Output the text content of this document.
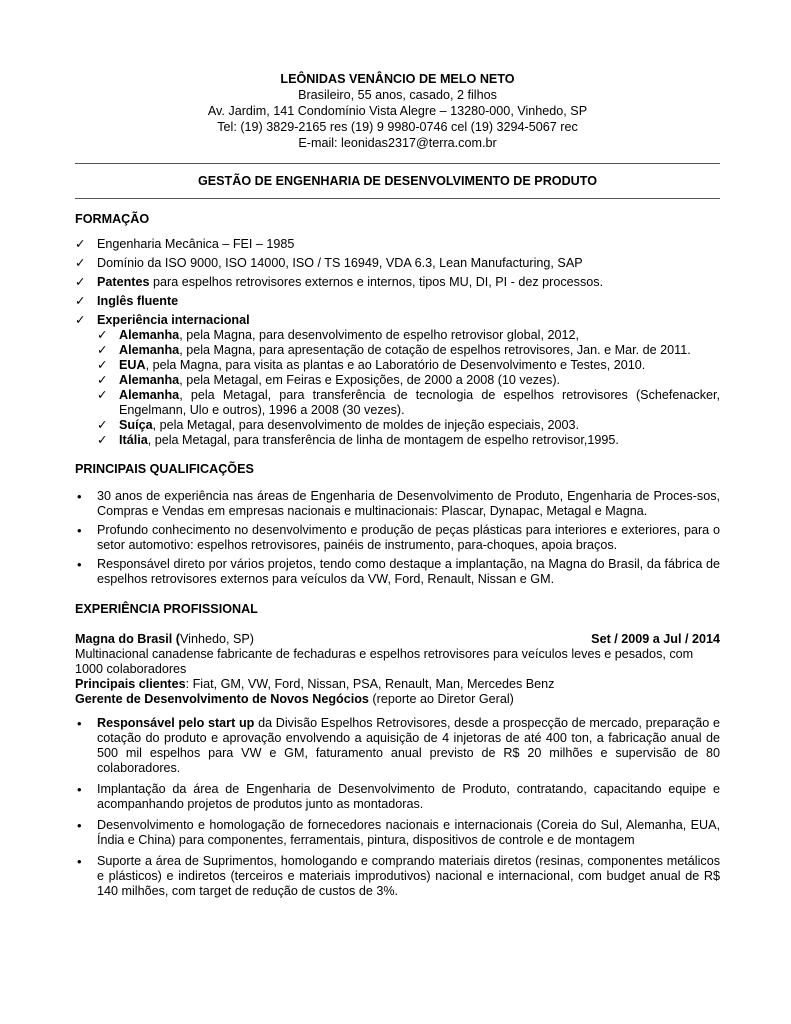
LEÔNIDAS VENÂNCIO DE MELO NETO
Brasileiro, 55 anos, casado, 2 filhos
Av. Jardim, 141 Condomínio Vista Alegre – 13280-000, Vinhedo, SP
Tel: (19) 3829-2165 res (19) 9 9980-0746 cel (19) 3294-5067 rec
E-mail: leonidas2317@terra.com.br
GESTÃO DE ENGENHARIA DE DESENVOLVIMENTO DE PRODUTO
FORMAÇÃO
✓ Engenharia Mecânica – FEI – 1985
✓ Domínio da ISO 9000, ISO 14000, ISO / TS 16949, VDA 6.3, Lean Manufacturing, SAP
✓ Patentes para espelhos retrovisores externos e internos, tipos MU, DI, PI - dez processos.
✓ Inglês fluente
✓ Experiência internacional
✓ Alemanha, pela Magna, para desenvolvimento de espelho retrovisor global, 2012,
✓ Alemanha, pela Magna, para apresentação de cotação de espelhos retrovisores, Jan. e Mar. de 2011.
✓ EUA, pela Magna, para visita as plantas e ao Laboratório de Desenvolvimento e Testes, 2010.
✓ Alemanha, pela Metagal, em Feiras e Exposições, de 2000 a 2008 (10 vezes).
✓ Alemanha, pela Metagal, para transferência de tecnologia de espelhos retrovisores (Schefenacker, Engelmann, Ulo e outros), 1996 a 2008 (30 vezes).
✓ Suíça, pela Metagal, para desenvolvimento de moldes de injeção especiais, 2003.
✓ Itália, pela Metagal, para transferência de linha de montagem de espelho retrovisor,1995.
PRINCIPAIS QUALIFICAÇÕES
• 30 anos de experiência nas áreas de Engenharia de Desenvolvimento de Produto, Engenharia de Proces-sos, Compras e Vendas em empresas nacionais e multinacionais: Plascar, Dynapac, Metagal e Magna.
• Profundo conhecimento no desenvolvimento e produção de peças plásticas para interiores e exteriores, para o setor automotivo: espelhos retrovisores, painéis de instrumento, para-choques, apoia braços.
• Responsável direto por vários projetos, tendo como destaque a implantação, na Magna do Brasil, da fábrica de espelhos retrovisores externos para veículos da VW, Ford, Renault, Nissan e GM.
EXPERIÊNCIA PROFISSIONAL
Magna do Brasil (Vinhedo, SP)	Set / 2009 a Jul / 2014
Multinacional canadense fabricante de fechaduras e espelhos retrovisores para veículos leves e pesados, com 1000 colaboradores
Principais clientes: Fiat, GM, VW, Ford, Nissan, PSA, Renault, Man, Mercedes Benz
Gerente de Desenvolvimento de Novos Negócios (reporte ao Diretor Geral)
• Responsável pelo start up da Divisão Espelhos Retrovisores, desde a prospecção de mercado, preparação e cotação do produto e aprovação envolvendo a aquisição de 4 injetoras de até 400 ton, a fabricação anual de 500 mil espelhos para VW e GM, faturamento anual previsto de R$ 20 milhões e supervisão de 80 colaboradores.
• Implantação da área de Engenharia de Desenvolvimento de Produto, contratando, capacitando equipe e acompanhando projetos de produtos junto as montadoras.
• Desenvolvimento e homologação de fornecedores nacionais e internacionais (Coreia do Sul, Alemanha, EUA, Índia e China) para componentes, ferramentais, pintura, dispositivos de controle e de montagem
• Suporte a área de Suprimentos, homologando e comprando materiais diretos (resinas, componentes metálicos e plásticos) e indiretos (terceiros e materiais improdutivos) nacional e internacional, com budget anual de R$ 140 milhões, com target de redução de custos de 3%.
